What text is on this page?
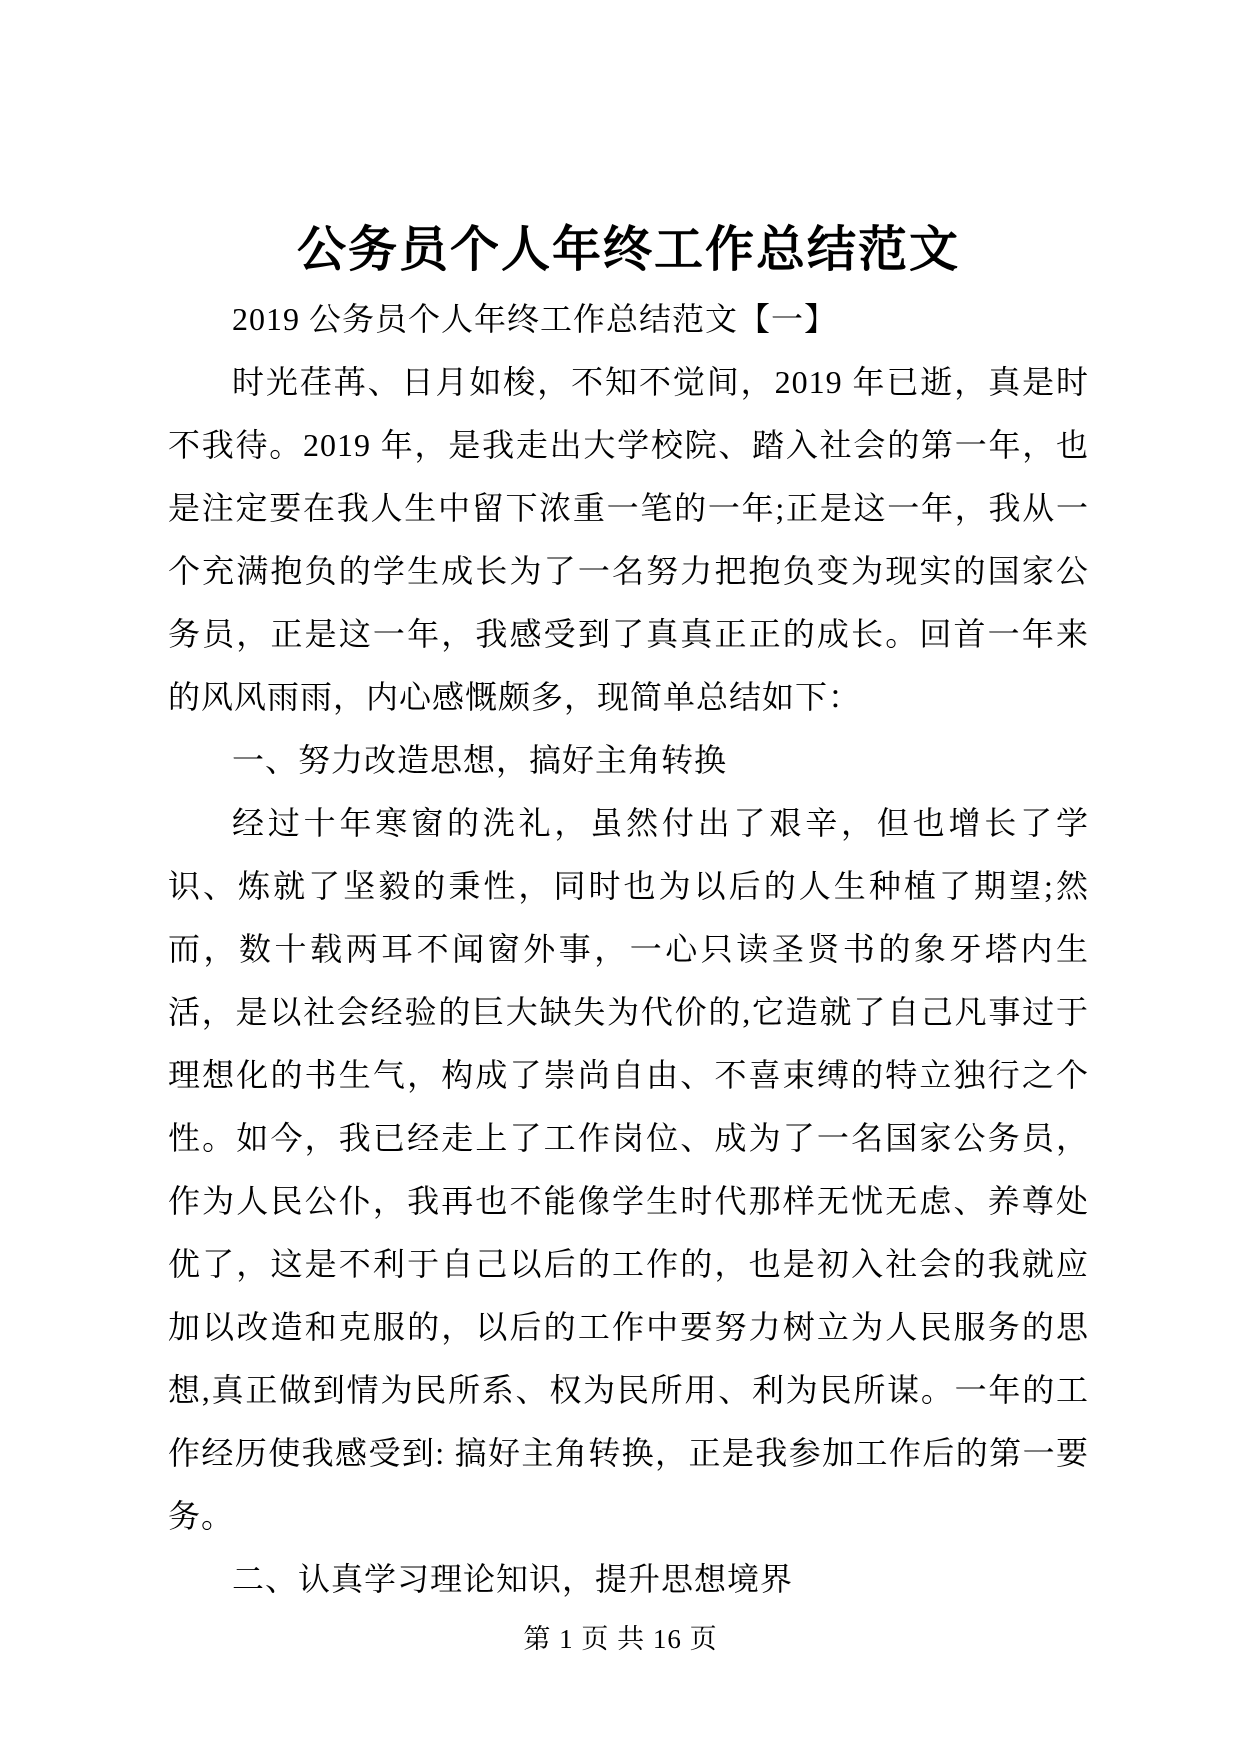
公务员个人年终工作总结范文

2019 公务员个人年终工作总结范文【一】

时光荏苒、日月如梭，不知不觉间，2019 年已逝，真是时不我待。2019 年，是我走出大学校院、踏入社会的第一年，也是注定要在我人生中留下浓重一笔的一年;正是这一年，我从一个充满抱负的学生成长为了一名努力把抱负变为现实的国家公务员，正是这一年，我感受到了真真正正的成长。回首一年来的风风雨雨，内心感慨颇多，现简单总结如下：

一、努力改造思想，搞好主角转换

经过十年寒窗的洗礼，虽然付出了艰辛，但也增长了学识、炼就了坚毅的秉性，同时也为以后的人生种植了期望;然而，数十载两耳不闻窗外事，一心只读圣贤书的象牙塔内生活，是以社会经验的巨大缺失为代价的,它造就了自己凡事过于理想化的书生气，构成了崇尚自由、不喜束缚的特立独行之个性。如今，我已经走上了工作岗位、成为了一名国家公务员，作为人民公仆，我再也不能像学生时代那样无忧无虑、养尊处优了，这是不利于自己以后的工作的，也是初入社会的我就应加以改造和克服的，以后的工作中要努力树立为人民服务的思想,真正做到情为民所系、权为民所用、利为民所谋。一年的工作经历使我感受到: 搞好主角转换，正是我参加工作后的第一要务。

二、认真学习理论知识，提升思想境界

第 1 页 共 16 页
